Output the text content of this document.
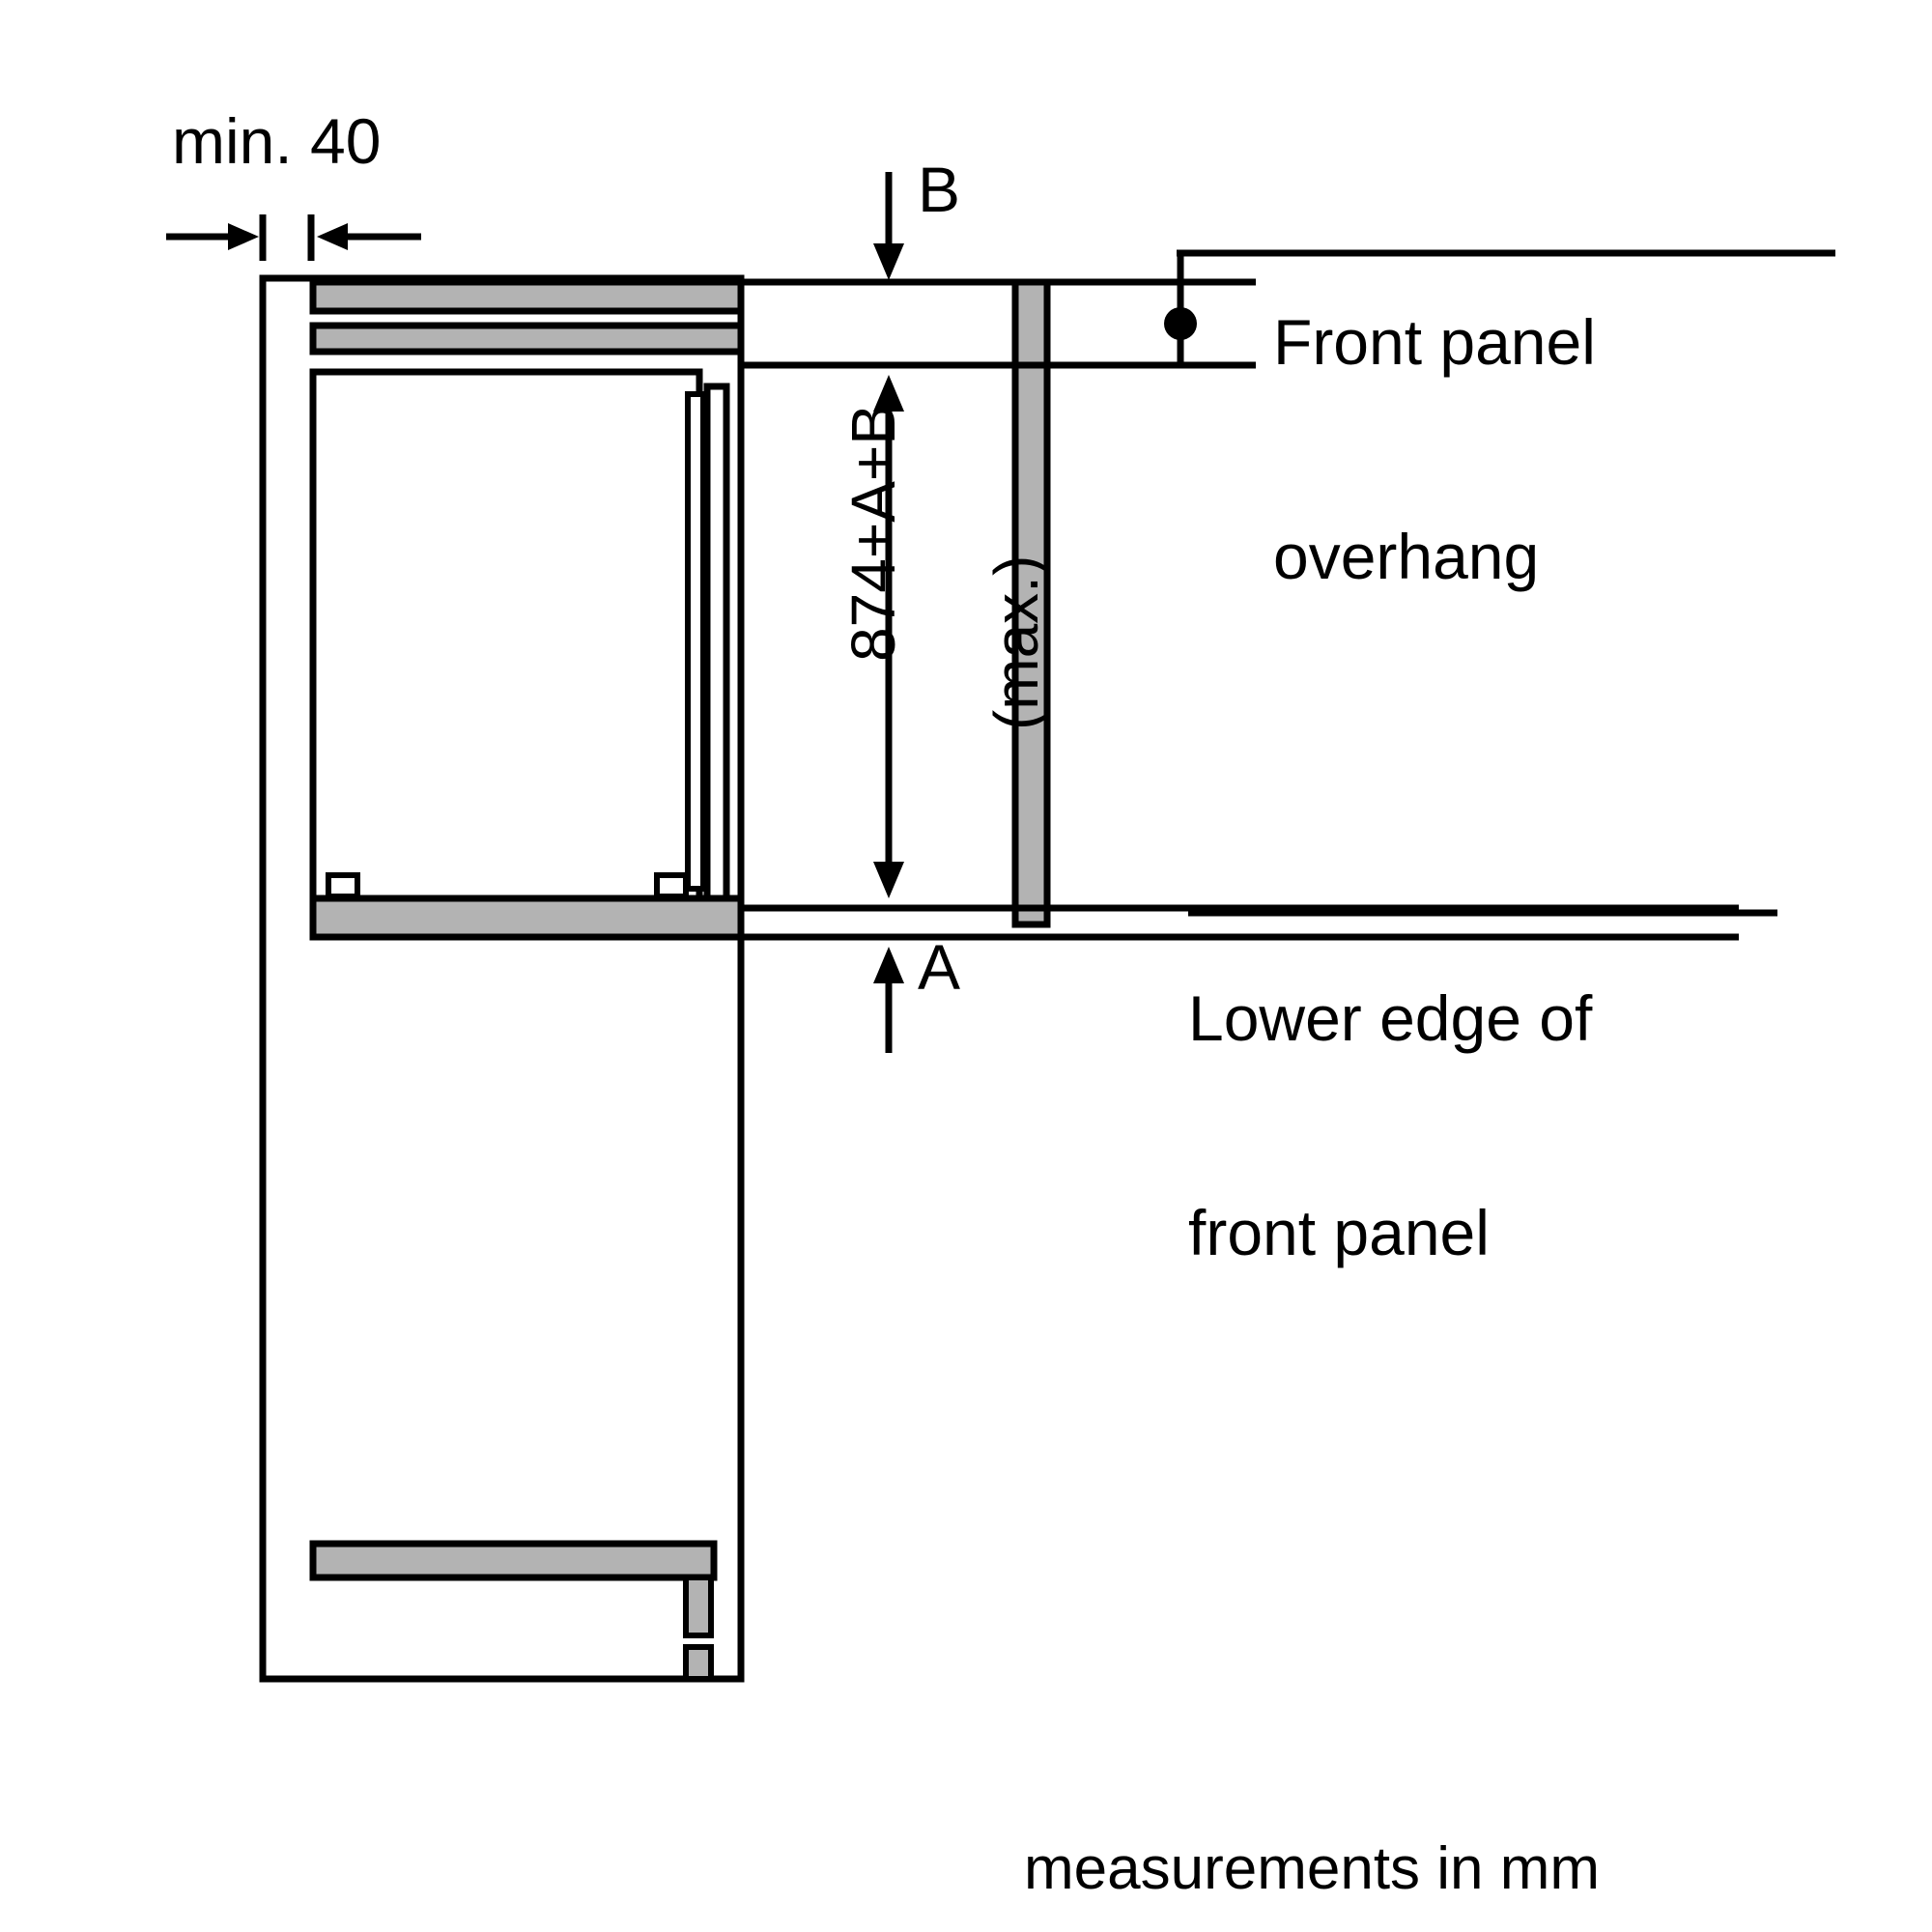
min. 40
B
A

874+A+B
(max.)

Front panel

overhang

Lower edge of

front panel

measurements in mm
